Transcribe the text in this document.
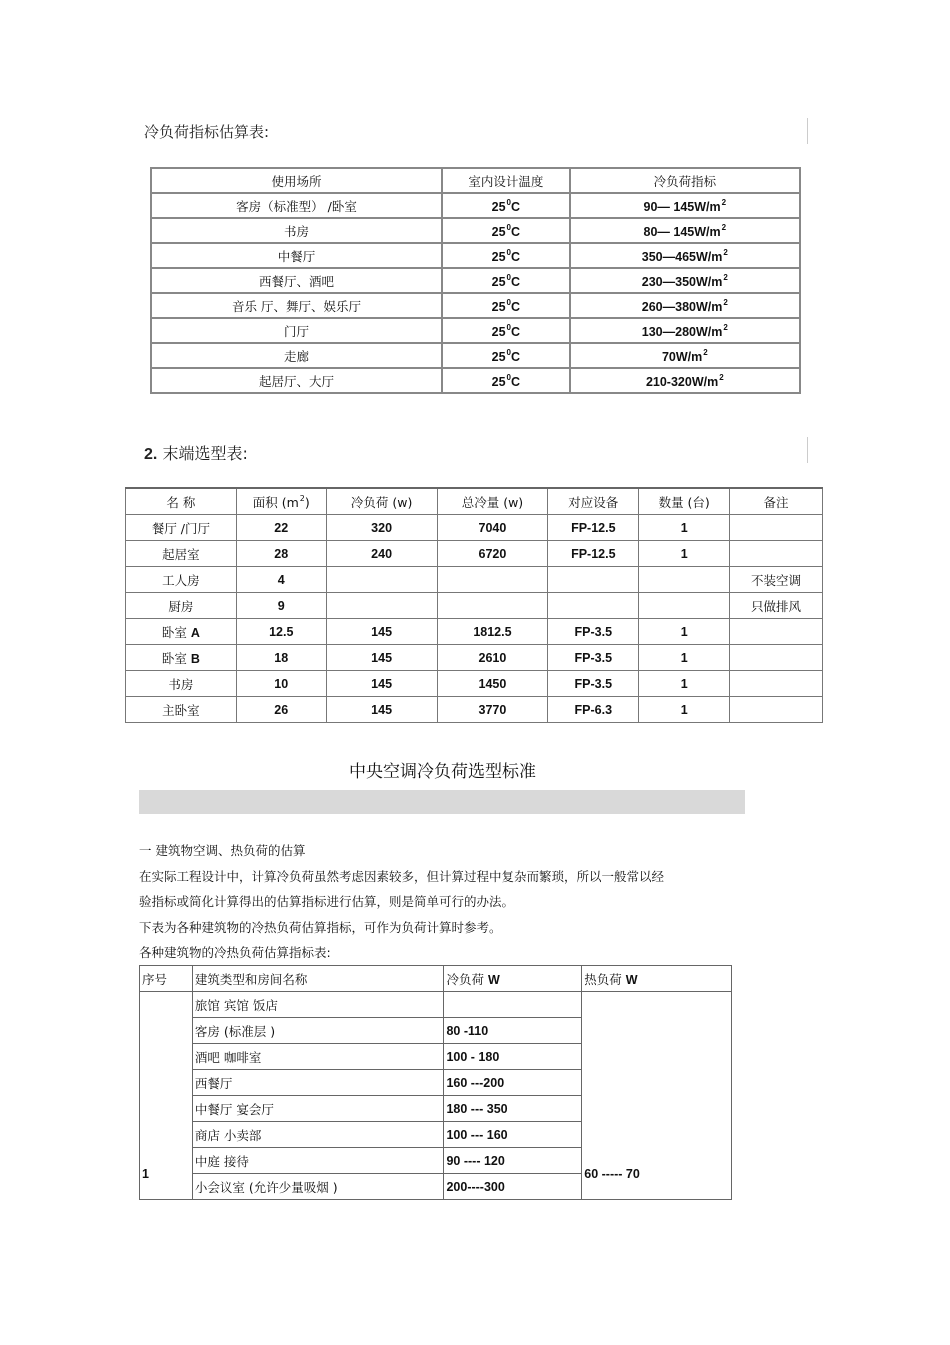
冷负荷指标估算表:
使用场所	室内设计温度	冷负荷指标
客房（标准型） /卧室	$25^0C$	90— $145W/m^2$
书房	$25^0C$	80— $145W/m^2$
中餐厅	$25^0C$	$350—465W/m^2$
西餐厅、酒吧	$25^0C$	$230—350W/m^2$
音乐 厅、舞厅、娱乐厅	$25^0C$	$260—380W/m^2$
门厅	$25^0C$	$130—280W/m^2$
走廊	$25^0C$	$70W/m^2$
起居厅、大厅	$25^0C$	$210-320W/m^2$
2. 末端选型表:
名 称	面积 $(m^2)$	冷负荷 (w)	总冷量 (w)	对应设备	数量 (台)	备注
餐厅 /门厅	22	320	7040	FP-12.5	1	
起居室	28	240	6720	FP-12.5	1	
工人房	4					不装空调
厨房	9					只做排风
卧室 A	12.5	145	1812.5	FP-3.5	1	
卧室 B	18	145	2610	FP-3.5	1	
书房	10	145	1450	FP-3.5	1	
主卧室	26	145	3770	FP-6.3	1	
中央空调冷负荷选型标准
一 建筑物空调、热负荷的估算
在实际工程设计中，计算冷负荷虽然考虑因素较多，但计算过程中复杂而繁琐，所以一般常以经
验指标或简化计算得出的估算指标进行估算，则是简单可行的办法。
下表为各种建筑物的冷热负荷估算指标，可作为负荷计算时参考。
各种建筑物的冷热负荷估算指标表:
序号	建筑类型和房间名称	冷负荷 W	热负荷 W
1	旅馆 宾馆 饭店		60 ----- 70
	客房 (标准层 )	80 -110	
	酒吧 咖啡室	100 - 180	
	西餐厅	160 ---200	
	中餐厅 宴会厅	180 --- 350	
	商店 小卖部	100 --- 160	
	中庭 接待	90 ---- 120	
	小会议室 (允许少量吸烟 )	200----300	
